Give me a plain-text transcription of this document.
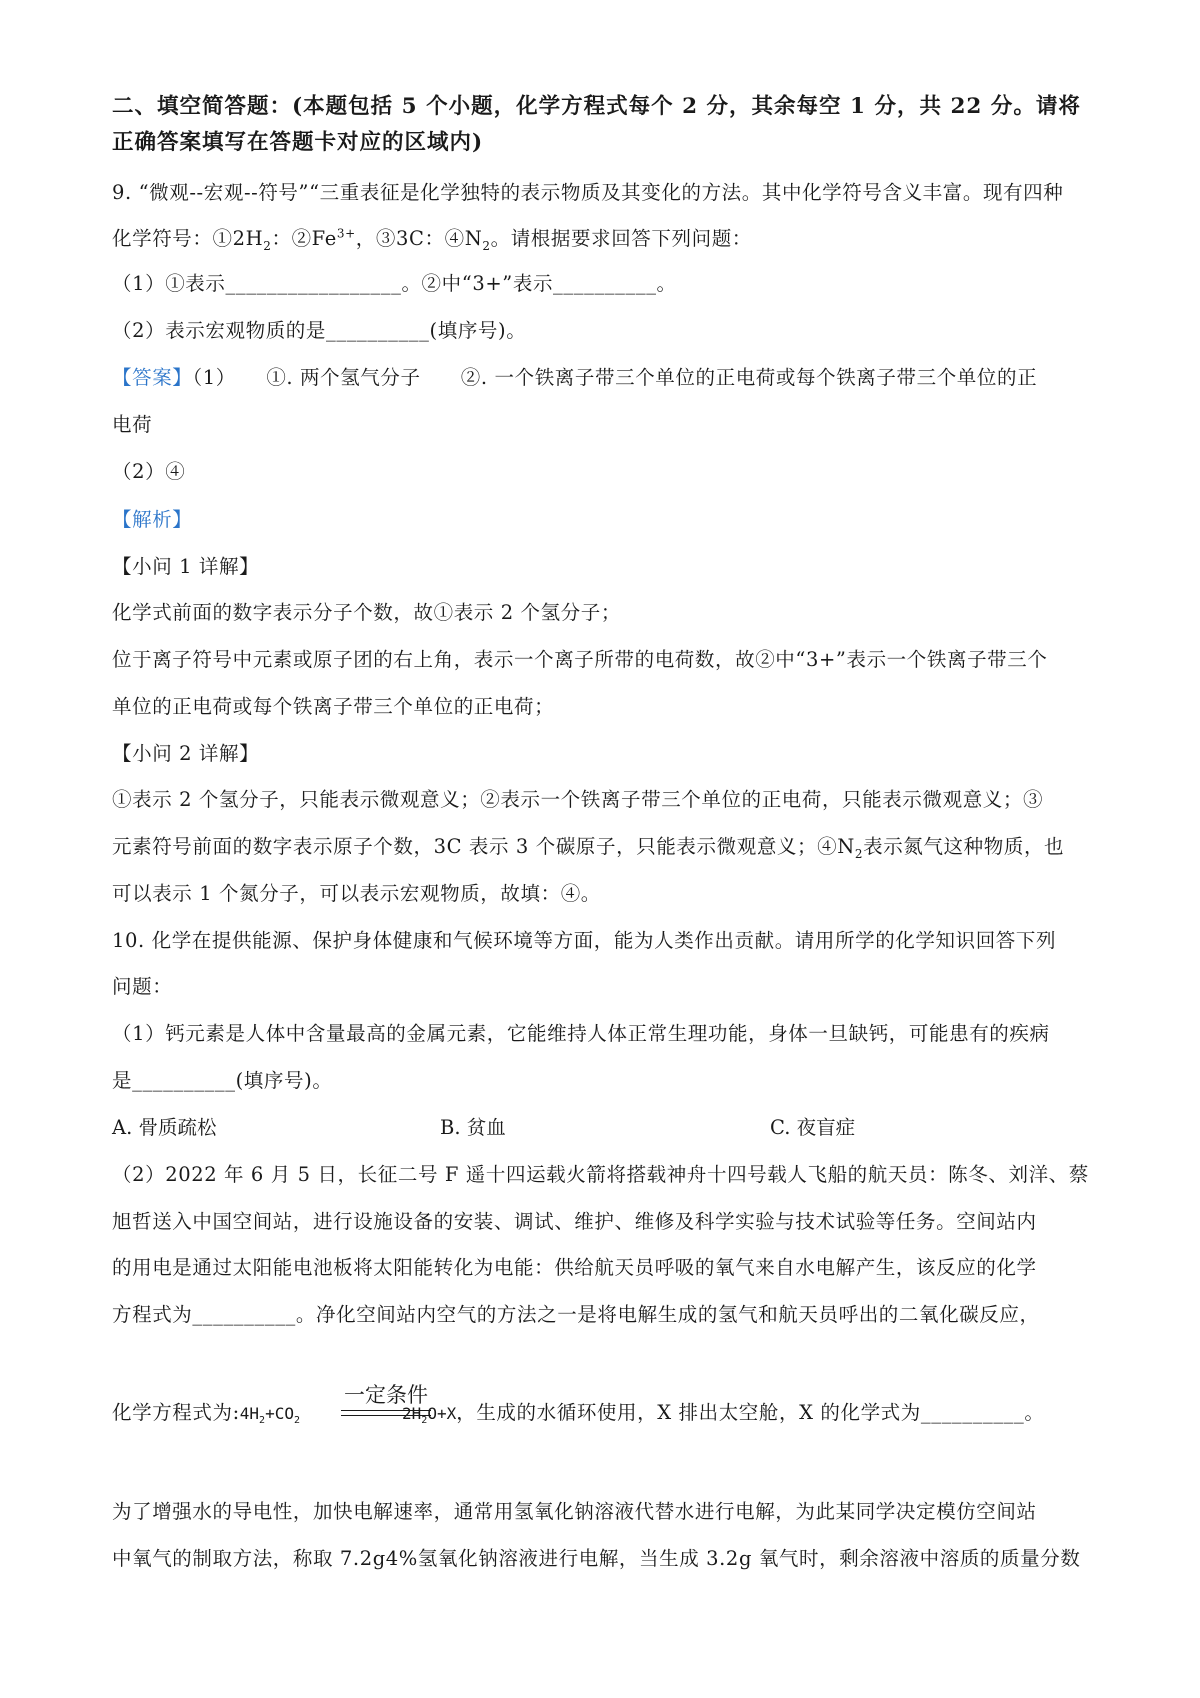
二、填空简答题：(本题包括 5 个小题，化学方程式每个 2 分，其余每空 1 分，共 22 分。请将

正确答案填写在答题卡对应的区域内)

9. “微观--宏观--符号”“三重表征是化学独特的表示物质及其变化的方法。其中化学符号含义丰富。现有四种

化学符号：$①2H_2$：$②Fe^{3+}$，③3C：$④N_2$。请根据要求回答下列问题：

（1）①表示_________________。②中“3+”表示__________。

（2）表示宏观物质的是__________(填序号)。

【答案】（1）　　①. 两个氢气分子　　②. 一个铁离子带三个单位的正电荷或每个铁离子带三个单位的正

电荷

（2）④

【解析】

【小问 1 详解】

化学式前面的数字表示分子个数，故①表示 2 个氢分子；

位于离子符号中元素或原子团的右上角，表示一个离子所带的电荷数，故②中“3+”表示一个铁离子带三个

单位的正电荷或每个铁离子带三个单位的正电荷；

【小问 2 详解】

①表示 2 个氢分子，只能表示微观意义；②表示一个铁离子带三个单位的正电荷，只能表示微观意义；③

元素符号前面的数字表示原子个数，3C 表示 3 个碳原子，只能表示微观意义；$④N_2$表示氮气这种物质，也

可以表示 1 个氮分子，可以表示宏观物质，故填：④。

10. 化学在提供能源、保护身体健康和气候环境等方面，能为人类作出贡献。请用所学的化学知识回答下列

问题：

（1）钙元素是人体中含量最高的金属元素，它能维持人体正常生理功能，身体一旦缺钙，可能患有的疾病

是__________(填序号)。

A. 骨质疏松	B. 贫血	C. 夜盲症

（2）2022 年 6 月 5 日，长征二号 F 遥十四运载火箭将搭载神舟十四号载人飞船的航天员：陈冬、刘洋、蔡

旭哲送入中国空间站，进行设施设备的安装、调试、维护、维修及科学实验与技术试验等任务。空间站内

的用电是通过太阳能电池板将太阳能转化为电能：供给航天员呼吸的氧气来自水电解产生，该反应的化学

方程式为__________。净化空间站内空气的方法之一是将电解生成的氢气和航天员呼出的二氧化碳反应，

一定条件

化学方程式为$:4H_2+CO_2$	$2H_2O+X$，生成的水循环使用，X 排出太空舱，X 的化学式为__________。

为了增强水的导电性，加快电解速率，通常用氢氧化钠溶液代替水进行电解，为此某同学决定模仿空间站

中氧气的制取方法，称取 7.2g4%氢氧化钠溶液进行电解，当生成 3.2g 氧气时，剩余溶液中溶质的质量分数
